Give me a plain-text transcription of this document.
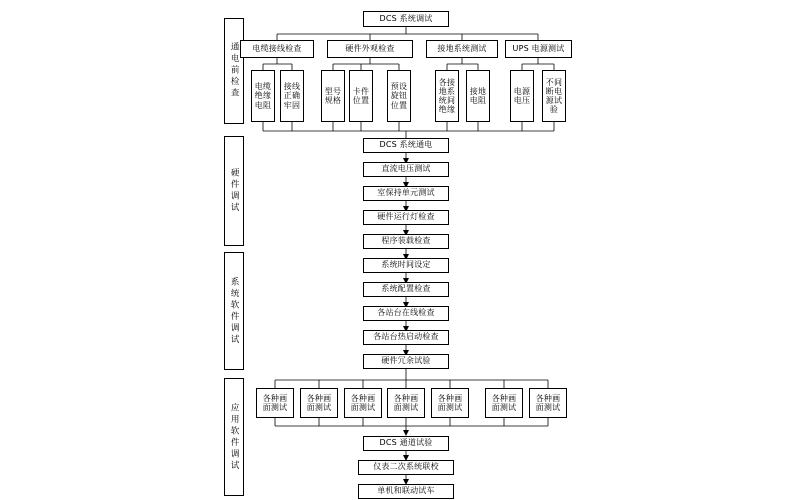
通电前检查
硬件调试
系统软件调试
应用软件调试
DCS 系统调试
电缆接线检查	硬件外观检查	接地系统测试	UPS 电源测试
电缆绝缘电阻
接线正确牢固
型号规格
卡件位置
预设旋钮位置
各接地系统间绝缘
接地电阻
电源电压
不间断电源试验
DCS 系统通电
直流电压测试
室保持单元测试
硬件运行灯检查
程序装载检查
系统时间设定
系统配置检查
各站台在线检查
各站台热启动检查
硬件冗余试验
各种画面测试
各种画面测试
各种画面测试
各种画面测试
各种画面测试
各种画面测试
各种画面测试
DCS 通道试验
仪表二次系统联校
单机和联动试车
